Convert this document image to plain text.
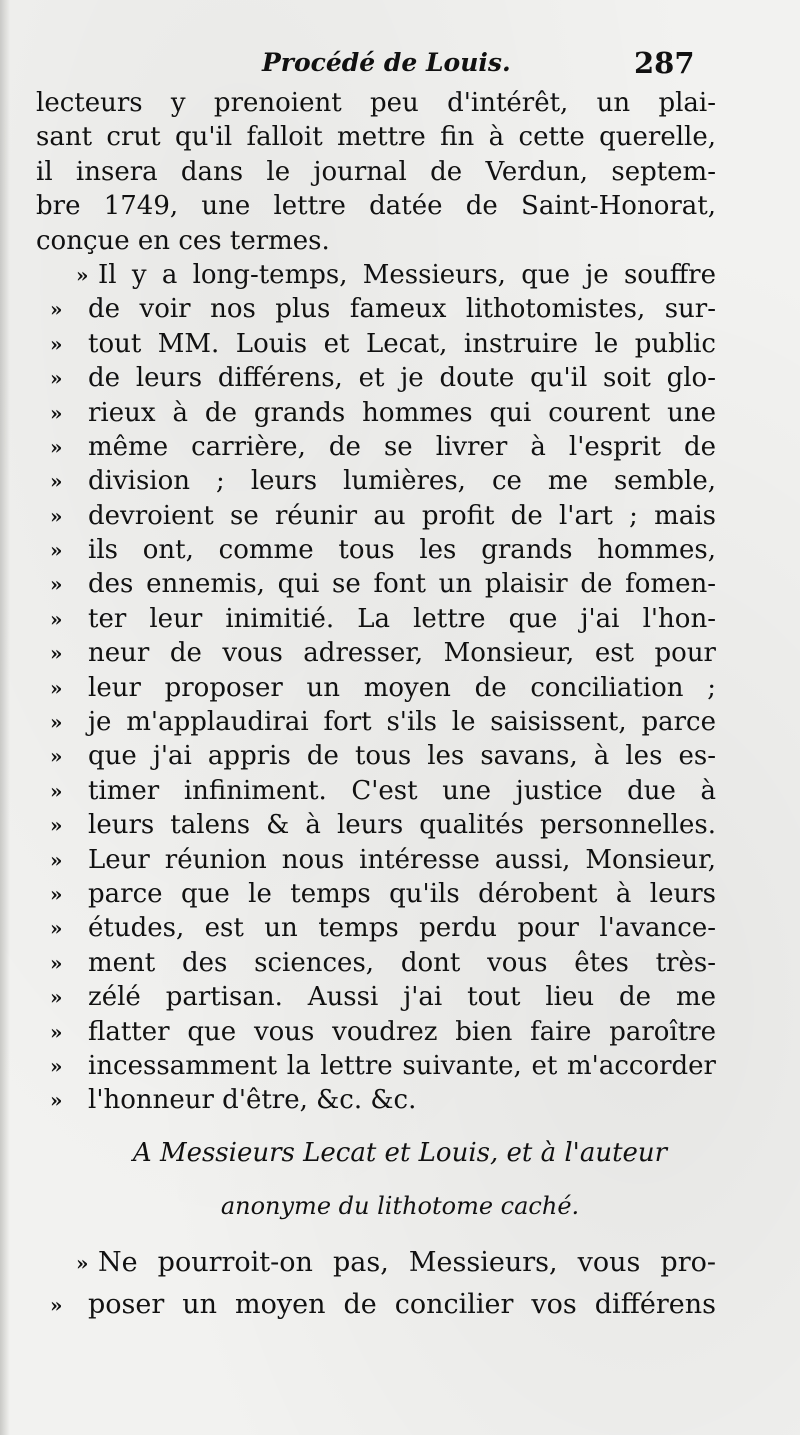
Procédé de Louis.	287
lecteurs y prenoient peu d'intérêt, un plai-
sant crut qu'il falloit mettre fin à cette querelle,
il insera dans le journal de Verdun, septem-
bre 1749, une lettre datée de Saint-Honorat,
conçue en ces termes.
» Il y a long-temps, Messieurs, que je souffre
» de voir nos plus fameux lithotomistes, sur-
» tout MM. Louis et Lecat, instruire le public
» de leurs différens, et je doute qu'il soit glo-
» rieux à de grands hommes qui courent une
» même carrière, de se livrer à l'esprit de
» division ; leurs lumières, ce me semble,
» devroient se réunir au profit de l'art ; mais
» ils ont, comme tous les grands hommes,
» des ennemis, qui se font un plaisir de fomen-
» ter leur inimitié. La lettre que j'ai l'hon-
» neur de vous adresser, Monsieur, est pour
» leur proposer un moyen de conciliation ;
» je m'applaudirai fort s'ils le saisissent, parce
» que j'ai appris de tous les savans, à les es-
» timer infiniment. C'est une justice due à
» leurs talens & à leurs qualités personnelles.
» Leur réunion nous intéresse aussi, Monsieur,
» parce que le temps qu'ils dérobent à leurs
» études, est un temps perdu pour l'avance-
» ment des sciences, dont vous êtes très-
» zélé partisan. Aussi j'ai tout lieu de me
» flatter que vous voudrez bien faire paroître
» incessamment la lettre suivante, et m'accorder
» l'honneur d'être, &c. &c.
A Messieurs Lecat et Louis, et à l'auteur
anonyme du lithotome caché.
» Ne pourroit-on pas, Messieurs, vous pro-
» poser un moyen de concilier vos différens
